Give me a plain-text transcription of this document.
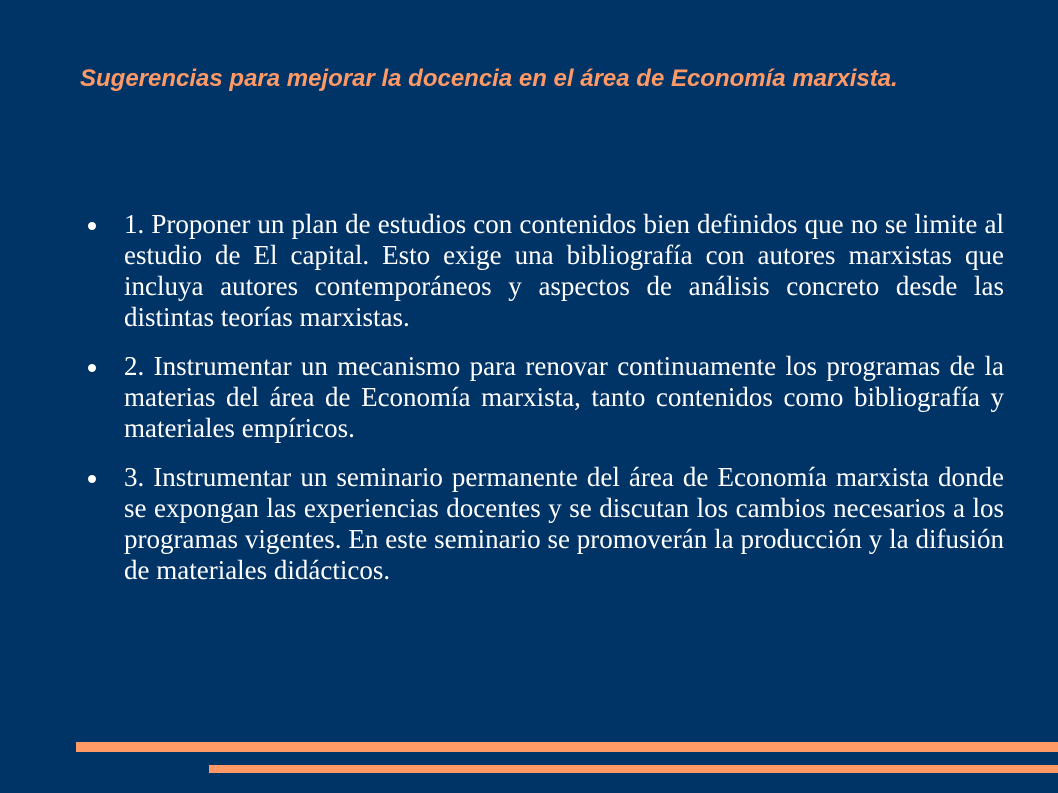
Sugerencias para mejorar la docencia en el área de Economía marxista.
1. Proponer un plan de estudios con contenidos bien definidos que no se limite al estudio de El capital. Esto exige una bibliografía con autores marxistas que incluya autores contemporáneos y aspectos de análisis concreto desde las distintas teorías marxistas.
2. Instrumentar un mecanismo para renovar continuamente los programas de la materias del área de Economía marxista, tanto contenidos como bibliografía y materiales empíricos.
3. Instrumentar un seminario permanente del área de Economía marxista donde se expongan las experiencias docentes y se discutan los cambios necesarios a los programas vigentes. En este seminario se promoverán la producción y la difusión de materiales didácticos.
